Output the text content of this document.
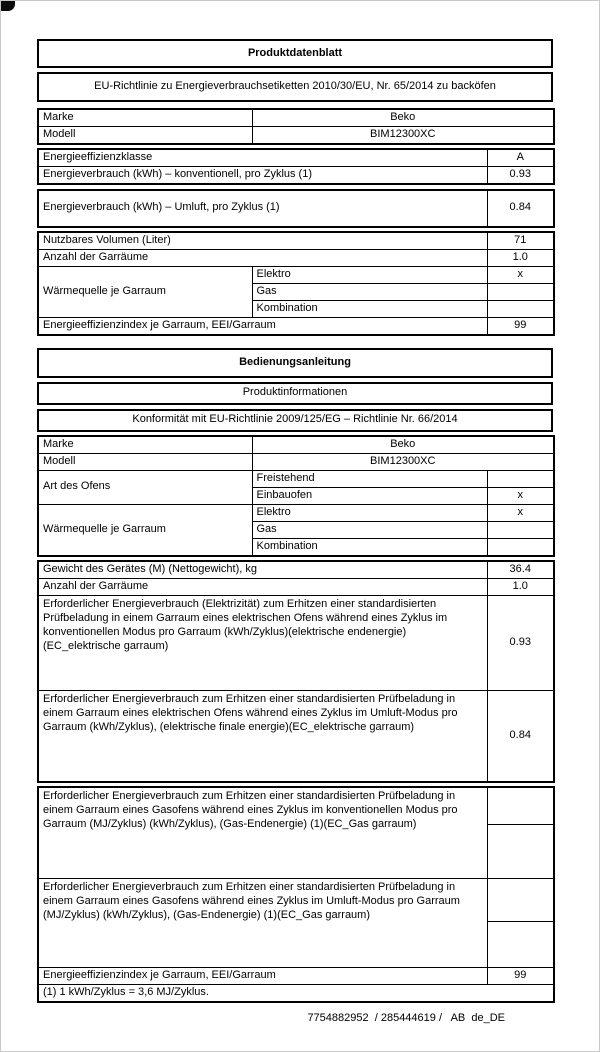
Produktdatenblatt
EU-Richtlinie zu Energieverbrauchsetiketten 2010/30/EU, Nr. 65/2014 zu backöfen
Marke	Beko
Modell	BIM12300XC
Energieeffizienzklasse	A
Energieverbrauch (kWh) – konventionell, pro Zyklus (1)	0.93
Energieverbrauch (kWh) – Umluft, pro Zyklus (1)	0.84
Nutzbares Volumen (Liter)		71
Anzahl der Garräume		1.0
Wärmequelle je Garraum	Elektro	x
	Gas	
	Kombination	
Energieeffizienzindex je Garraum, EEI/Garraum		99
Bedienungsanleitung
Produktinformationen
Konformität mit EU-Richtlinie 2009/125/EG – Richtlinie Nr. 66/2014
Marke	Beko	
Modell	BIM12300XC	
Art des Ofens	Freistehend	
	Einbauofen	x
Wärmequelle je Garraum	Elektro	x
	Gas	
	Kombination	
Gewicht des Gerätes (M) (Nettogewicht), kg	36.4
Anzahl der Garräume	1.0
Erforderlicher Energieverbrauch (Elektrizität) zum Erhitzen einer standardisierten Prüfbeladung in einem Garraum eines elektrischen Ofens während eines Zyklus im konventionellen Modus pro Garraum (kWh/Zyklus)(elektrische endenergie)(EC_elektrische garraum)	0.93
Erforderlicher Energieverbrauch zum Erhitzen einer standardisierten Prüfbeladung in einem Garraum eines elektrischen Ofens während eines Zyklus im Umluft-Modus pro Garraum (kWh/Zyklus), (elektrische finale energie)(EC_elektrische garraum)	0.84
Erforderlicher Energieverbrauch zum Erhitzen einer standardisierten Prüfbeladung in einem Garraum eines Gasofens während eines Zyklus im konventionellen Modus pro Garraum (MJ/Zyklus) (kWh/Zyklus), (Gas-Endenergie) (1)(EC_Gas garraum)	

Erforderlicher Energieverbrauch zum Erhitzen einer standardisierten Prüfbeladung in einem Garraum eines Gasofens während eines Zyklus im Umluft-Modus pro Garraum (MJ/Zyklus) (kWh/Zyklus), (Gas-Endenergie) (1)(EC_Gas garraum)	

Energieeffizienzindex je Garraum, EEI/Garraum	99
(1) 1 kWh/Zyklus = 3,6 MJ/Zyklus.	
7754882952  / 285444619 /   AB  de_DE
